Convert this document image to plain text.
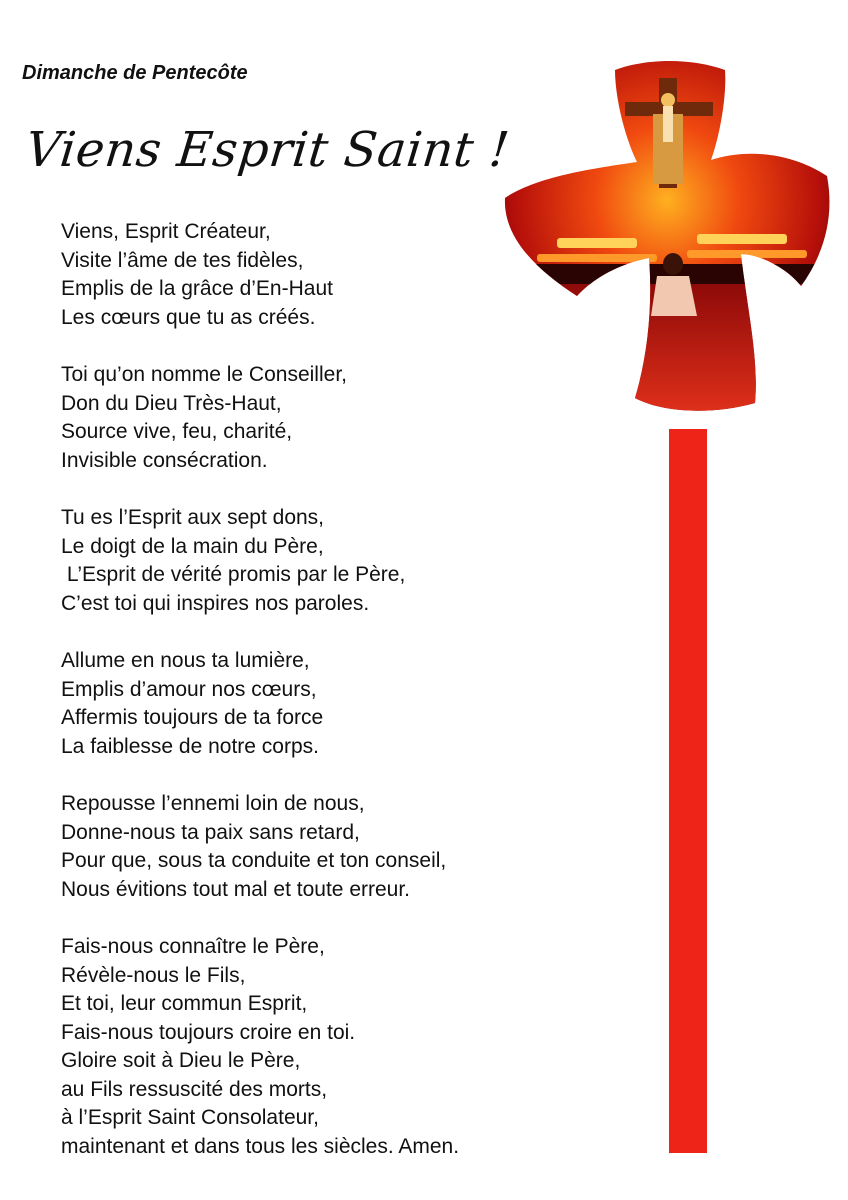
Dimanche de Pentecôte
Viens Esprit Saint !
Viens, Esprit Créateur,
Visite l’âme de tes fidèles,
Emplis de la grâce d’En-Haut
Les cœurs que tu as créés.
Toi qu’on nomme le Conseiller,
Don du Dieu Très-Haut,
Source vive, feu, charité,
Invisible consécration.
Tu es l’Esprit aux sept dons,
Le doigt de la main du Père,
L’Esprit de vérité promis par le Père,
C’est toi qui inspires nos paroles.
Allume en nous ta lumière,
Emplis d’amour nos cœurs,
Affermis toujours de ta force
La faiblesse de notre corps.
Repousse l’ennemi loin de nous,
Donne-nous ta paix sans retard,
Pour que, sous ta conduite et ton conseil,
Nous évitions tout mal et toute erreur.
Fais-nous connaître le Père,
Révèle-nous le Fils,
Et toi, leur commun Esprit,
Fais-nous toujours croire en toi.
Gloire soit à Dieu le Père,
au Fils ressuscité des morts,
à l’Esprit Saint Consolateur,
maintenant et dans tous les siècles. Amen.
